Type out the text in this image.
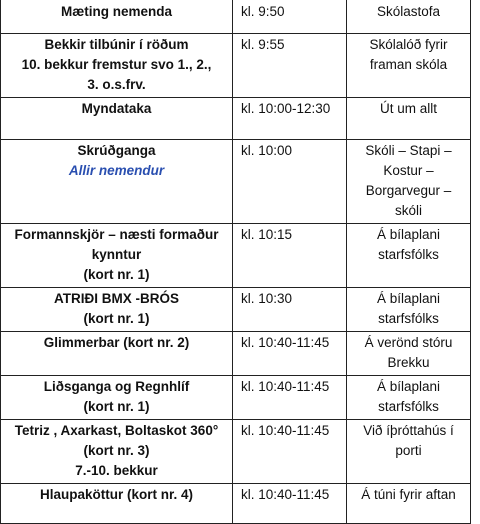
Mæting nemenda	kl. 9:50	Skólastofa

Bekkir tilbúnir í röðum
10. bekkur fremstur svo 1., 2.,
3. o.s.frv.	kl. 9:55	Skólalóð fyrir
framan skóla

Myndataka	kl. 10:00-12:30	Út um allt

Skrúðganga
Allir nemendur	kl. 10:00	Skóli – Stapi –
Kostur –
Borgarvegur –
skóli

Formannskjör – næsti formaður
kynntur
(kort nr. 1)	kl. 10:15	Á bílaplani
starfsfólks

ATRIÐI BMX -BRÓS
(kort nr. 1)	kl. 10:30	Á bílaplani
starfsfólks

Glimmerbar (kort nr. 2)	kl. 10:40-11:45	Á verönd stóru
Brekku

Liðsganga og Regnhlíf
(kort nr. 1)	kl. 10:40-11:45	Á bílaplani
starfsfólks

Tetriz , Axarkast, Boltaskot 360°
(kort nr. 3)
7.-10. bekkur	kl. 10:40-11:45	Við íþróttahús í
porti

Hlaupaköttur (kort nr. 4)	kl. 10:40-11:45	Á túni fyrir aftan
